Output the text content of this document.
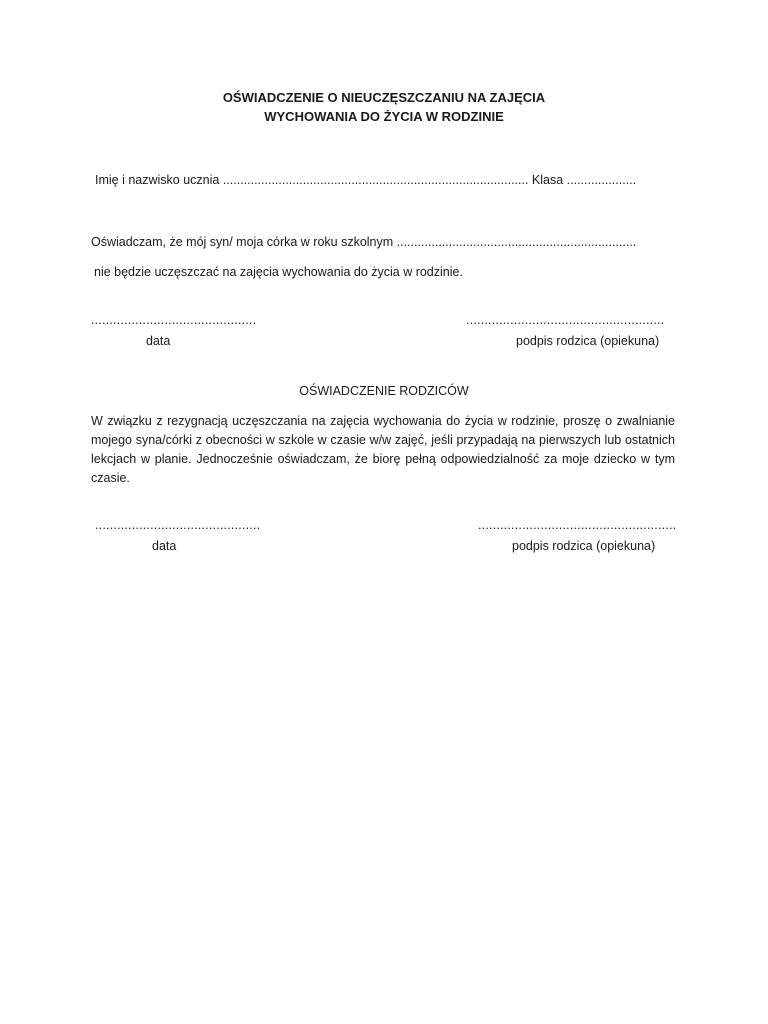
OŚWIADCZENIE O NIEUCZĘSZCZANIU NA ZAJĘCIA
WYCHOWANIA DO ŻYCIA W RODZINIE
Imię i nazwisko ucznia ........................................................................................ Klasa ....................
Oświadczam, że mój syn/ moja córka w roku szkolnym .....................................................................
nie będzie uczęszczać na zajęcia wychowania do życia w rodzinie.
.............................................	......................................................
data	podpis rodzica (opiekuna)
OŚWIADCZENIE RODZICÓW
W związku z rezygnacją uczęszczania na zajęcia wychowania do życia w rodzinie, proszę o zwalnianie mojego syna/córki z obecności w szkole w czasie w/w zajęć, jeśli przypadają na pierwszych lub ostatnich lekcjach w planie. Jednocześnie oświadczam, że biorę pełną odpowiedzialność za moje dziecko w tym czasie.
.............................................	......................................................
data	podpis rodzica (opiekuna)
